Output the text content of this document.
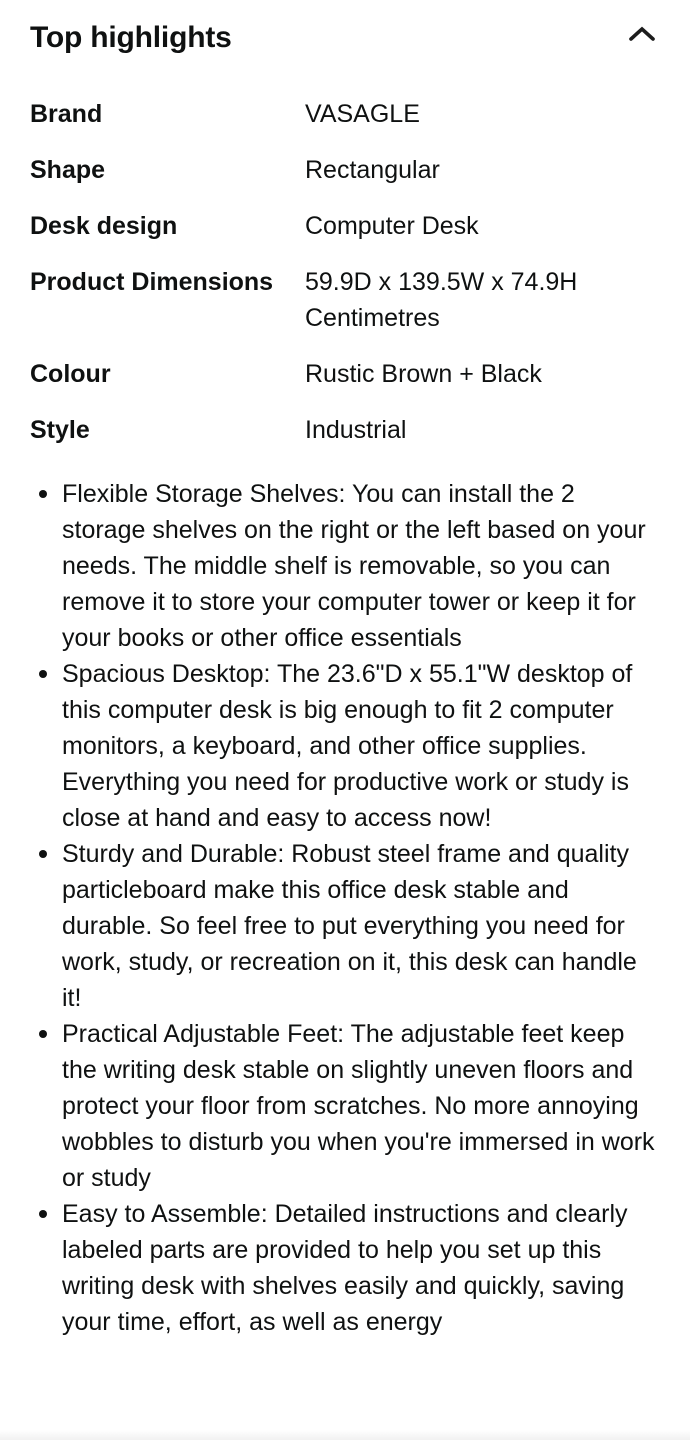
Top highlights
Brand	VASAGLE
Shape	Rectangular
Desk design	Computer Desk
Product Dimensions	59.9D x 139.5W x 74.9H Centimetres
Colour	Rustic Brown + Black
Style	Industrial
Flexible Storage Shelves: You can install the 2 storage shelves on the right or the left based on your needs. The middle shelf is removable, so you can remove it to store your computer tower or keep it for your books or other office essentials
Spacious Desktop: The 23.6"D x 55.1"W desktop of this computer desk is big enough to fit 2 computer monitors, a keyboard, and other office supplies. Everything you need for productive work or study is close at hand and easy to access now!
Sturdy and Durable: Robust steel frame and quality particleboard make this office desk stable and durable. So feel free to put everything you need for work, study, or recreation on it, this desk can handle it!
Practical Adjustable Feet: The adjustable feet keep the writing desk stable on slightly uneven floors and protect your floor from scratches. No more annoying wobbles to disturb you when you're immersed in work or study
Easy to Assemble: Detailed instructions and clearly labeled parts are provided to help you set up this writing desk with shelves easily and quickly, saving your time, effort, as well as energy
